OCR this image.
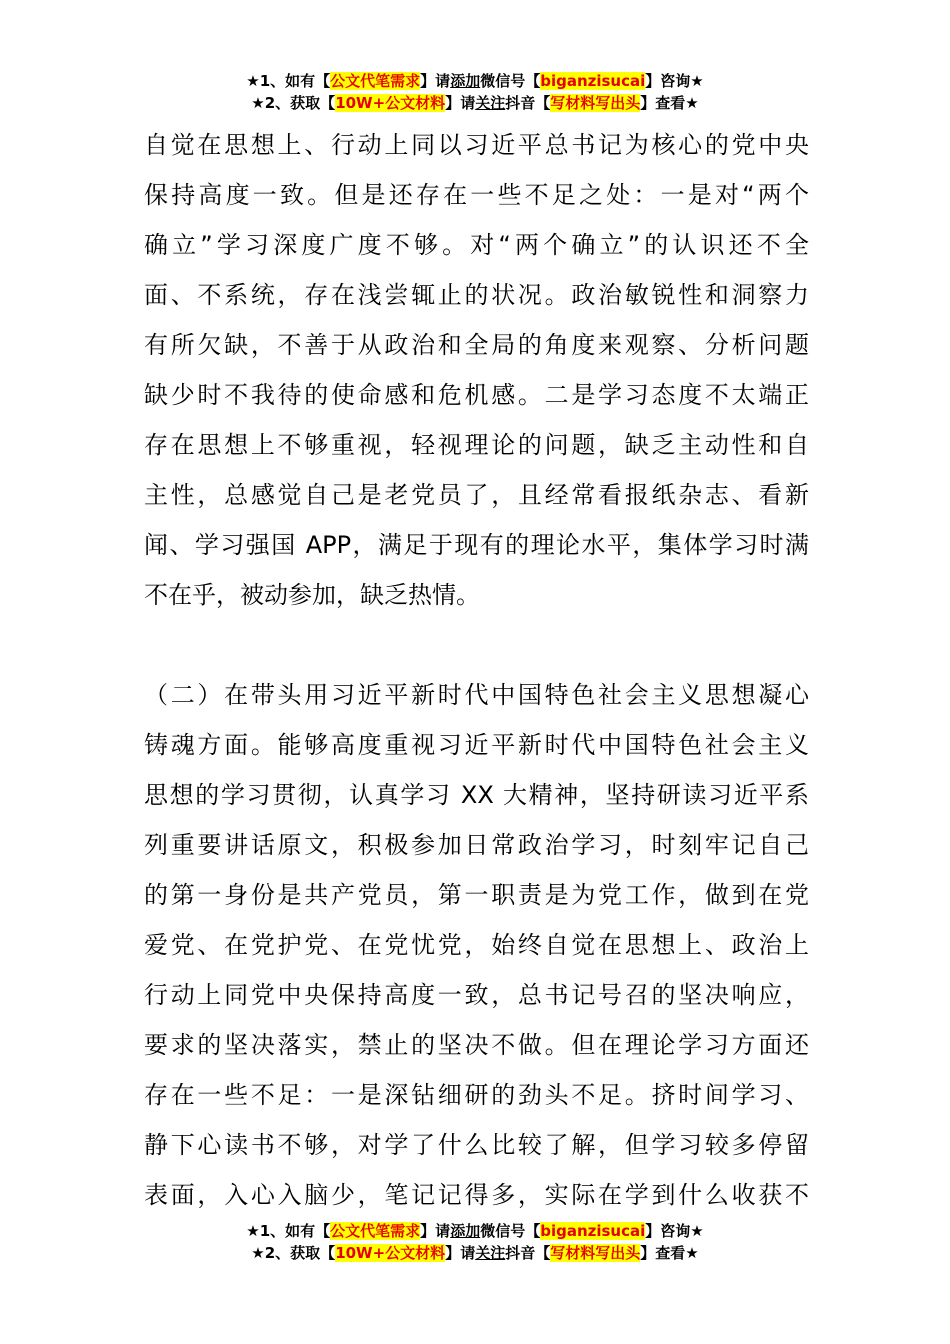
★1、如有【公文代笔需求】请添加微信号【biganzisucai】咨询★
★2、获取【10W+公文材料】请关注抖音【写材料写出头】查看★
自觉在思想上、行动上同以习近平总书记为核心的党中央
保持高度一致。但是还存在一些不足之处：一是对“两个
确立”学习深度广度不够。对“两个确立”的认识还不全
面、不系统，存在浅尝辄止的状况。政治敏锐性和洞察力
有所欠缺，不善于从政治和全局的角度来观察、分析问题
缺少时不我待的使命感和危机感。二是学习态度不太端正
存在思想上不够重视，轻视理论的问题，缺乏主动性和自
主性，总感觉自己是老党员了，且经常看报纸杂志、看新
闻、学习强国 APP，满足于现有的理论水平，集体学习时满
不在乎，被动参加，缺乏热情。
（二）在带头用习近平新时代中国特色社会主义思想凝心
铸魂方面。能够高度重视习近平新时代中国特色社会主义
思想的学习贯彻，认真学习 XX 大精神，坚持研读习近平系
列重要讲话原文，积极参加日常政治学习，时刻牢记自己
的第一身份是共产党员，第一职责是为党工作，做到在党
爱党、在党护党、在党忧党，始终自觉在思想上、政治上
行动上同党中央保持高度一致，总书记号召的坚决响应，
要求的坚决落实，禁止的坚决不做。但在理论学习方面还
存在一些不足：一是深钻细研的劲头不足。挤时间学习、
静下心读书不够，对学了什么比较了解，但学习较多停留
表面，入心入脑少，笔记记得多，实际在学到什么收获不
★1、如有【公文代笔需求】请添加微信号【biganzisucai】咨询★
★2、获取【10W+公文材料】请关注抖音【写材料写出头】查看★
